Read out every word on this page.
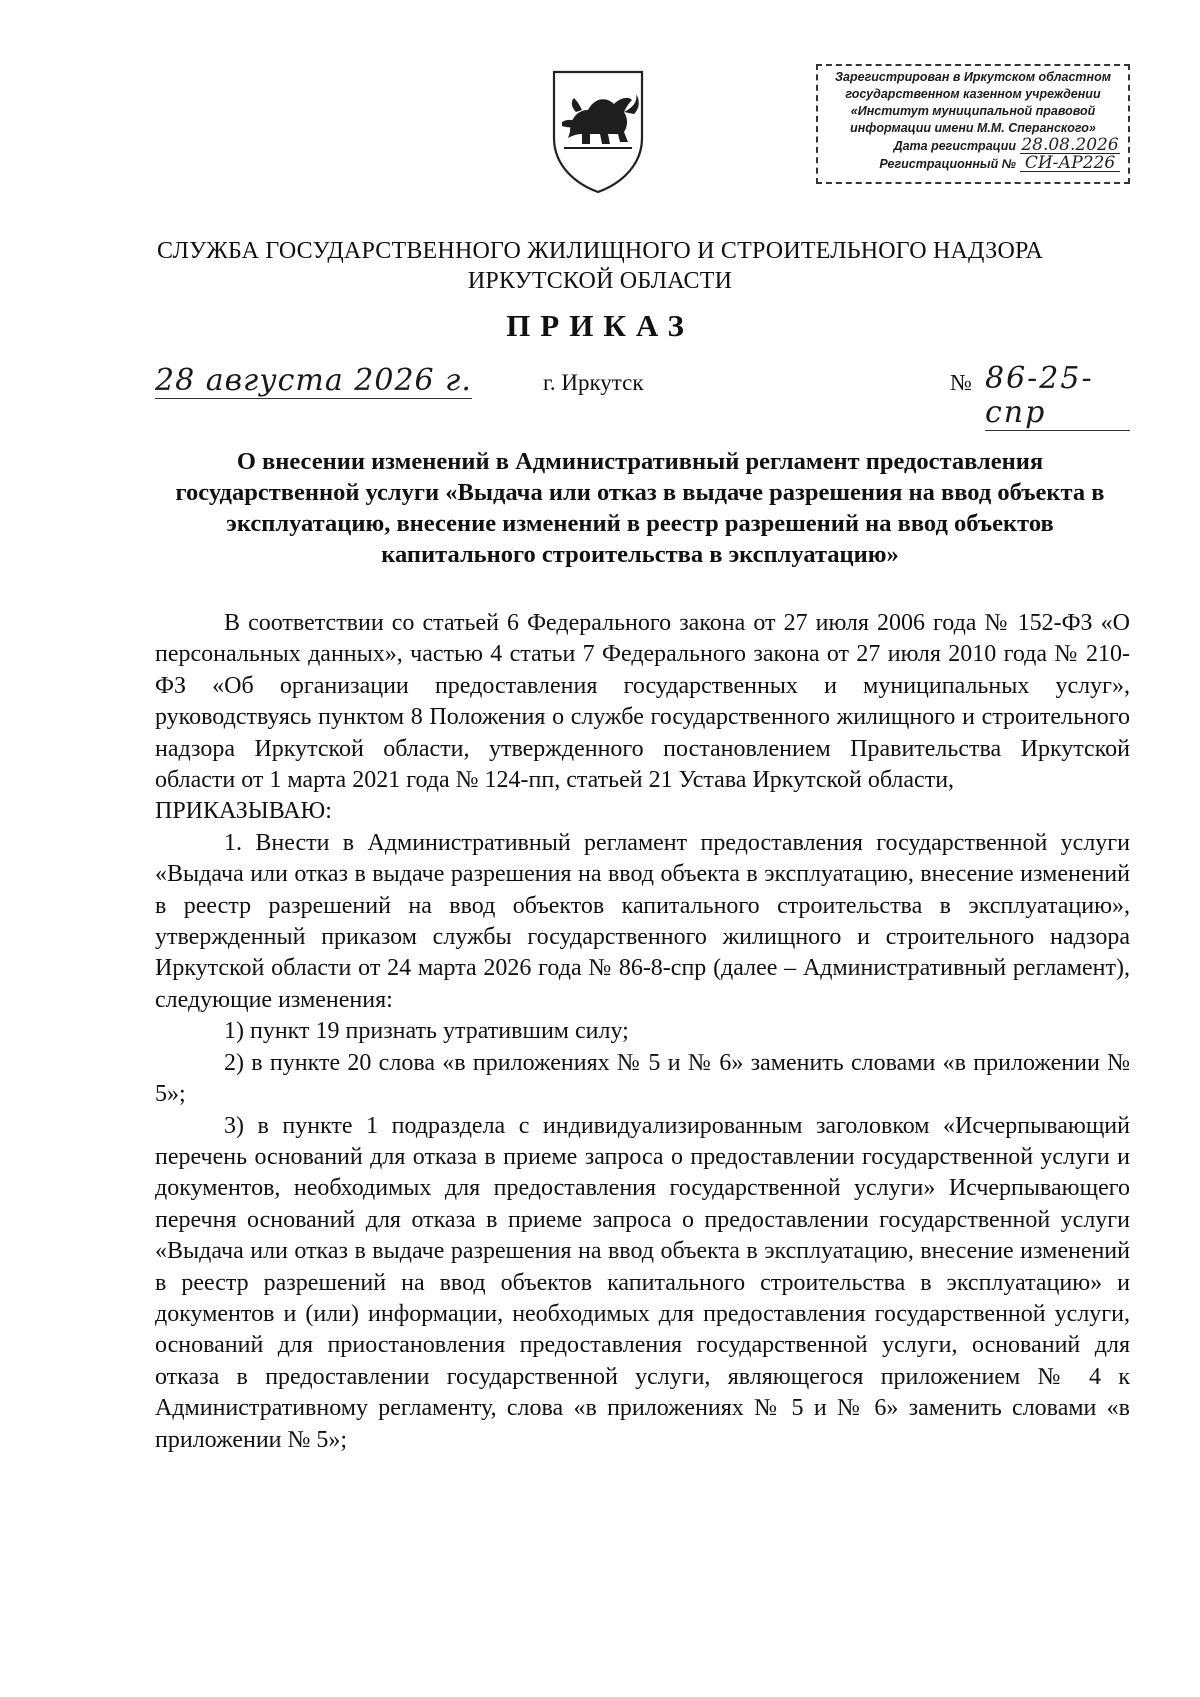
Зарегистрирован в Иркутском областном
государственном казенном учреждении
«Институт муниципальной правовой
информации имени М.М. Сперанского»
Дата регистрации 28.08.2026
Регистрационный № СИ-АР226
СЛУЖБА ГОСУДАРСТВЕННОГО ЖИЛИЩНОГО И СТРОИТЕЛЬНОГО НАДЗОРА
ИРКУТСКОЙ ОБЛАСТИ
ПРИКАЗ
28 августа 2026 г.	г. Иркутск	№ 86-25-спр
О внесении изменений в Административный регламент предоставления государственной услуги «Выдача или отказ в выдаче разрешения на ввод объекта в эксплуатацию, внесение изменений в реестр разрешений на ввод объектов капитального строительства в эксплуатацию»

В соответствии со статьей 6 Федерального закона от 27 июля 2006 года № 152-ФЗ «О персональных данных», частью 4 статьи 7 Федерального закона от 27 июля 2010 года № 210-ФЗ «Об организации предоставления государственных и муниципальных услуг», руководствуясь пунктом 8 Положения о службе государственного жилищного и строительного надзора Иркутской области, утвержденного постановлением Правительства Иркутской области от 1 марта 2021 года № 124-пп, статьей 21 Устава Иркутской области,

ПРИКАЗЫВАЮ:

1. Внести в Административный регламент предоставления государственной услуги «Выдача или отказ в выдаче разрешения на ввод объекта в эксплуатацию, внесение изменений в реестр разрешений на ввод объектов капитального строительства в эксплуатацию», утвержденный приказом службы государственного жилищного и строительного надзора Иркутской области от 24 марта 2026 года № 86-8-спр (далее – Административный регламент), следующие изменения:

1) пункт 19 признать утратившим силу;

2) в пункте 20 слова «в приложениях № 5 и № 6» заменить словами «в приложении № 5»;

3) в пункте 1 подраздела с индивидуализированным заголовком «Исчерпывающий перечень оснований для отказа в приеме запроса о предоставлении государственной услуги и документов, необходимых для предоставления государственной услуги» Исчерпывающего перечня оснований для отказа в приеме запроса о предоставлении государственной услуги «Выдача или отказ в выдаче разрешения на ввод объекта в эксплуатацию, внесение изменений в реестр разрешений на ввод объектов капитального строительства в эксплуатацию» и документов и (или) информации, необходимых для предоставления государственной услуги, оснований для приостановления предоставления государственной услуги, оснований для отказа в предоставлении государственной услуги, являющегося приложением № 4 к Административному регламенту, слова «в приложениях № 5 и № 6» заменить словами «в приложении № 5»;
